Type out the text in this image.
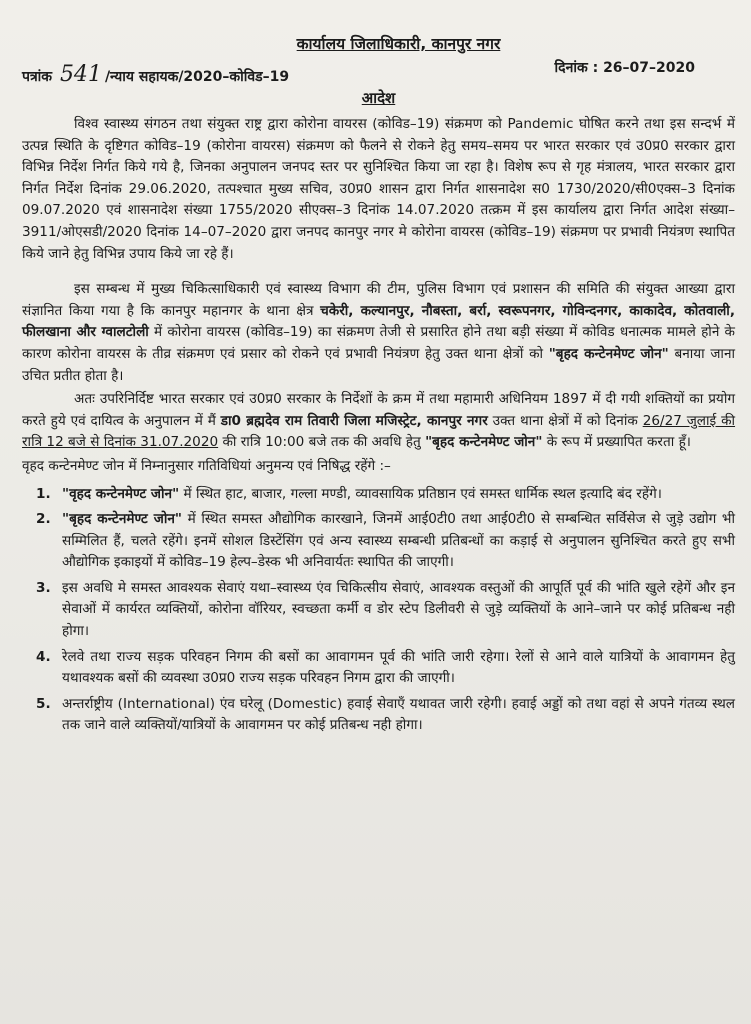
कार्यालय जिलाधिकारी, कानपुर नगर
पत्रांक 541 /न्याय सहायक/2020–कोविड–19
दिनांक : 26–07–2020
आदेश

विश्व स्वास्थ्य संगठन तथा संयुक्त राष्ट्र द्वारा कोरोना वायरस (कोविड–19) संक्रमण को Pandemic घोषित करने तथा इस सन्दर्भ में उत्पन्न स्थिति के दृष्टिगत कोविड–19 (कोरोना वायरस) संक्रमण को फैलने से रोकने हेतु समय–समय पर भारत सरकार एवं उ0प्र0 सरकार द्वारा विभिन्न निर्देश निर्गत किये गये है, जिनका अनुपालन जनपद स्तर पर सुनिश्चित किया जा रहा है। विशेष रूप से गृह मंत्रालय, भारत सरकार द्वारा निर्गत निर्देश दिनांक 29.06.2020, तत्पश्चात मुख्य सचिव, उ0प्र0 शासन द्वारा निर्गत शासनादेश स0 1730/2020/सी0एक्स–3 दिनांक 09.07.2020 एवं शासनादेश संख्या 1755/2020 सीएक्स–3 दिनांक 14.07.2020 तत्क्रम में इस कार्यालय द्वारा निर्गत आदेश संख्या–3911/ओएसडी/2020 दिनांक 14–07–2020 द्वारा जनपद कानपुर नगर मे कोरोना वायरस (कोविड–19) संक्रमण पर प्रभावी नियंत्रण स्थापित किये जाने हेतु विभिन्न उपाय किये जा रहे हैं।

इस सम्बन्ध में मुख्य चिकित्साधिकारी एवं स्वास्थ्य विभाग की टीम, पुलिस विभाग एवं प्रशासन की समिति की संयुक्त आख्या द्वारा संज्ञानित किया गया है कि कानपुर महानगर के थाना क्षेत्र चकेरी, कल्यानपुर, नौबस्ता, बर्रा, स्वरूपनगर, गोविन्दनगर, काकादेव, कोतवाली, फीलखाना और ग्वालटोली में कोरोना वायरस (कोविड–19) का संक्रमण तेजी से प्रसारित होने तथा बड़ी संख्या में कोविड धनात्मक मामले होने के कारण कोरोना वायरस के तीव्र संक्रमण एवं प्रसार को रोकने एवं प्रभावी नियंत्रण हेतु उक्त थाना क्षेत्रों को "बृहद कन्टेनमेण्ट जोन" बनाया जाना उचित प्रतीत होता है।

अतः उपरिनिर्दिष्ट भारत सरकार एवं उ0प्र0 सरकार के निर्देशों के क्रम में तथा महामारी अधिनियम 1897 में दी गयी शक्तियों का प्रयोग करते हुये एवं दायित्व के अनुपालन में मैं डा0 ब्रह्मदेव राम तिवारी जिला मजिस्ट्रेट, कानपुर नगर उक्त थाना क्षेत्रों में को दिनांक 26/27 जुलाई की रात्रि 12 बजे से दिनांक 31.07.2020 की रात्रि 10:00 बजे तक की अवधि हेतु "बृहद कन्टेनमेण्ट जोन" के रूप में प्रख्यापित करता हूँ।

वृहद कन्टेनमेण्ट जोन में निम्नानुसार गतिविधियां अनुमन्य एवं निषिद्ध रहेंगे :–

1. "वृहद कन्टेनमेण्ट जोन" में स्थित हाट, बाजार, गल्ला मण्डी, व्यावसायिक प्रतिष्ठान एवं समस्त धार्मिक स्थल इत्यादि बंद रहेंगे।

2. "बृहद कन्टेनमेण्ट जोन" में स्थित समस्त औद्योगिक कारखाने, जिनमें आई0टी0 तथा आई0टी0 से सम्बन्धित सर्विसेज से जुड़े उद्योग भी सम्मिलित हैं, चलते रहेंगे। इनमें सोशल डिस्टेंसिंग एवं अन्य स्वास्थ्य सम्बन्धी प्रतिबन्धों का कड़ाई से अनुपालन सुनिश्चित करते हुए सभी औद्योगिक इकाइयों में कोविड–19 हेल्प–डेस्क भी अनिवार्यतः स्थापित की जाएगी।

3. इस अवधि मे समस्त आवश्यक सेवाएं यथा–स्वास्थ्य एंव चिकित्सीय सेवाएं, आवश्यक वस्तुओं की आपूर्ति पूर्व की भांति खुले रहेगें और इन सेवाओं में कार्यरत व्यक्तियों, कोरोना वॉरियर, स्वच्छता कर्मी व डोर स्टेप डिलीवरी से जुड़े व्यक्तियों के आने–जाने पर कोई प्रतिबन्ध नही होगा।

4. रेलवे तथा राज्य सड़क परिवहन निगम की बसों का आवागमन पूर्व की भांति जारी रहेगा। रेलों से आने वाले यात्रियों के आवागमन हेतु यथावश्यक बसों की व्यवस्था उ0प्र0 राज्य सड़क परिवहन निगम द्वारा की जाएगी।

5. अन्तर्राष्ट्रीय (International) एंव घरेलू (Domestic) हवाई सेवाएँ यथावत जारी रहेगी। हवाई अड्डों को तथा वहां से अपने गंतव्य स्थल तक जाने वाले व्यक्तियों/यात्रियों के आवागमन पर कोई प्रतिबन्ध नही होगा।
